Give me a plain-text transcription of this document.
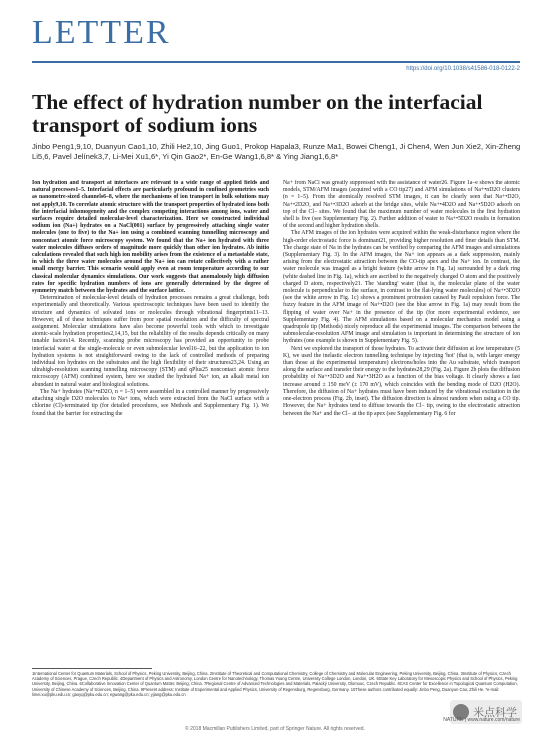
LETTER
https://doi.org/10.1038/s41586-018-0122-2
The effect of hydration number on the interfacial transport of sodium ions
Jinbo Peng1,9,10, Duanyun Cao1,10, Zhili He2,10, Jing Guo1, Prokop Hapala3, Runze Ma1, Bowei Cheng1, Ji Chen4, Wen Jun Xie2, Xin-Zheng Li5,6, Pavel Jelínek3,7, Li-Mei Xu1,6*, Yi Qin Gao2*, En-Ge Wang1,6,8* & Ying Jiang1,6,8*

Ion hydration and transport at interfaces are relevant to a wide range of applied fields and natural processes1–5. Interfacial effects are particularly profound in confined geometries such as nanometre-sized channels6–8, where the mechanisms of ion transport in bulk solutions may not apply9,10. To correlate atomic structure with the transport properties of hydrated ions both the interfacial inhomogeneity and the complex competing interactions among ions, water and surfaces require detailed molecular-level characterization. Here we constructed individual sodium ion (Na+) hydrates on a NaCl(001) surface by progressively attaching single water molecules (one to five) to the Na+ ion using a combined scanning tunnelling microscopy and noncontact atomic force microscopy system. We found that the Na+ ion hydrated with three water molecules diffuses orders of magnitude more quickly than other ion hydrates. Ab initio calculations revealed that such high ion mobility arises from the existence of a metastable state, in which the three water molecules around the Na+ ion can rotate collectively with a rather small energy barrier. This scenario would apply even at room temperature according to our classical molecular dynamics simulations. Our work suggests that anomalously high diffusion rates for specific hydration numbers of ions are generally determined by the degree of symmetry match between the hydrates and the surface lattice.

Determination of molecular-level details of hydration processes remains a great challenge, both experimentally and theoretically. Various spectroscopic techniques have been used to identify the structure and dynamics of solvated ions or molecules through vibrational fingerprints11–13. However, all of these techniques suffer from poor spatial resolution and the difficulty of spectral assignment. Molecular simulations have also become powerful tools with which to investigate atomic-scale hydration properties2,14,15, but the reliability of the results depends critically on many tunable factors14. Recently, scanning probe microscopy has provided an opportunity to probe interfacial water at the single-molecule or even submolecular level16–22, but the application to ion hydration systems is not straightforward owing to the lack of controlled methods of preparing individual ion hydrates on the substrates and the high flexibility of their structures23,24. Using an ultrahigh-resolution scanning tunnelling microscopy (STM) and qPlus25 noncontact atomic force microscopy (AFM) combined system, here we studied the hydrated Na+ ion, an alkali metal ion abundant in natural water and biological solutions.

The Na+ hydrates (Na+•nD2O, n = 1–5) were assembled in a controlled manner by progressively attaching single D2O molecules to Na+ ions, which were extracted from the NaCl surface with a chlorine (Cl)-terminated tip (for detailed procedures, see Methods and Supplementary Fig. 1). We found that the barrier for extracting the

Na+ from NaCl was greatly suppressed with the assistance of water26. Figure 1a–e shows the atomic models, STM/AFM images (acquired with a CO tip27) and AFM simulations of Na+•nD2O clusters (n = 1–5). From the atomically resolved STM images, it can be clearly seen that Na+•D2O, Na+•2D2O, and Na+•3D2O adsorb at the bridge sites, while Na+•4D2O and Na+•5D2O adsorb on top of the Cl− sites. We found that the maximum number of water molecules in the first hydration shell is five (see Supplementary Fig. 2). Further addition of water to Na+•5D2O results in formation of the second and higher hydration shells.

The AFM images of the ion hydrates were acquired within the weak-disturbance region where the high-order electrostatic force is dominant21, providing higher resolution and finer details than STM. The charge state of Na in the hydrates can be verified by comparing the AFM images and simulations (Supplementary Fig. 3). In the AFM images, the Na+ ion appears as a dark suppression, mainly arising from the electrostatic attraction between the CO-tip apex and the Na+ ion. In contrast, the water molecule was imaged as a bright feature (white arrow in Fig. 1a) surrounded by a dark ring (white dashed line in Fig. 1a), which are ascribed to the negatively charged O atom and the positively charged D atom, respectively21. The 'standing' water (that is, the molecular plane of the water molecule is perpendicular to the surface, in contrast to the flat-lying water molecules) of Na+•3D2O (see the white arrow in Fig. 1c) shows a prominent protrusion caused by Pauli repulsion force. The fuzzy feature in the AFM image of Na+•D2O (see the blue arrow in Fig. 1a) may result from the flipping of water over Na+ in the presence of the tip (for more experimental evidence, see Supplementary Fig. 4). The AFM simulations based on a molecular mechanics model using a quadrupole tip (Methods) nicely reproduce all the experimental images. The comparison between the submolecular-resolution AFM image and simulation is important in determining the structure of ion hydrates (one example is shown in Supplementary Fig. 5).

Next we explored the transport of those hydrates. To activate their diffusion at low temperature (5 K), we used the inelastic electron tunnelling technique by injecting 'hot' (that is, with larger energy than those at the experimental temperature) electrons/holes into the Au substrate, which transport along the surface and transfer their energy to the hydrates28,29 (Fig. 2a). Figure 2b plots the diffusion probability of Na+•3D2O and Na+•3H2O as a function of the bias voltage. It clearly shows a fast increase around ± 150 meV (± 170 mV), which coincides with the bending mode of D2O (H2O). Therefore, the diffusion of Na+ hydrates must have been induced by the vibrational excitation in the one-electron process (Fig. 2b, inset). The diffusion direction is almost random when using a CO tip. However, the Na+ hydrates tend to diffuse towards the Cl− tip, owing to the electrostatic attraction between the Na+ and the Cl− at the tip apex (see Supplementary Fig. 6 for

1International Center for Quantum Materials, School of Physics, Peking University, Beijing, China. 2Institute of Theoretical and Computational Chemistry, College of Chemistry and Molecular Engineering, Peking University, Beijing, China. 3Institute of Physics, Czech Academy of Sciences, Prague, Czech Republic. 4Department of Physics and Astronomy, London Centre for Nanotechnology, Thomas Young Centre, University College London, London, UK. 5State Key Laboratory for Mesoscopic Physics and School of Physics, Peking University, Beijing, China. 6Collaborative Innovation Center of Quantum Matter, Beijing, China. 7Regional Centre of Advanced Technologies and Materials, Palacký University, Olomouc, Czech Republic. 8CAS Center for Excellence in Topological Quantum Computation, University of Chinese Academy of Sciences, Beijing, China. 9Present address: Institute of Experimental and Applied Physics, University of Regensburg, Regensburg, Germany. 10These authors contributed equally: Jinbo Peng, Duanyun Cao, Zhili He. *e-mail: limei.xu@pku.edu.cn; gaoyq@pku.edu.cn; egwang@pku.edu.cn; yjiang@pku.edu.cn
米点科学
NATURE | www.nature.com/nature
© 2018 Macmillan Publishers Limited, part of Springer Nature. All rights reserved.
